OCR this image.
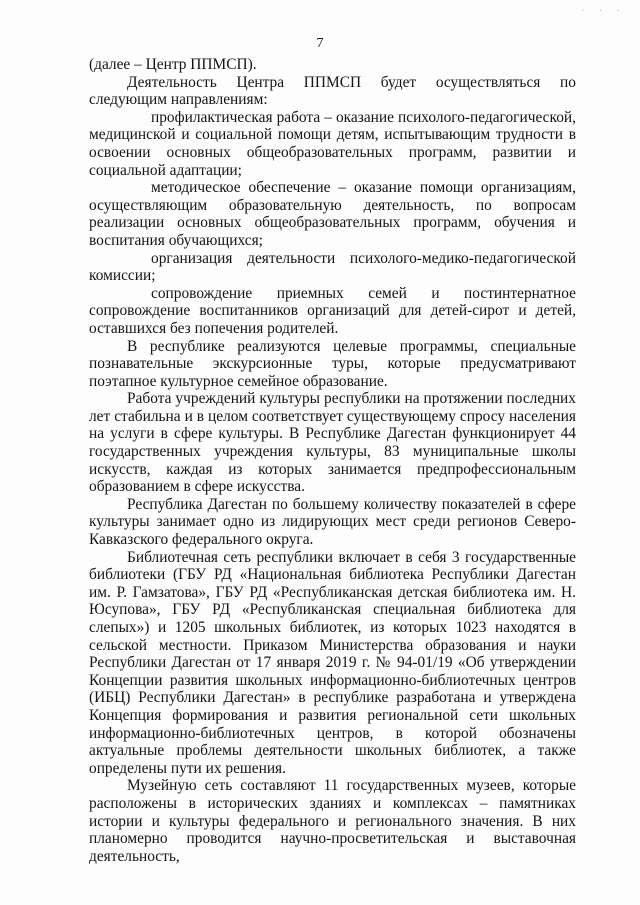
· · ·
7

(далее – Центр ППМСП).

Деятельность Центра ППМСП будет осуществляться по следующим направлениям:

профилактическая работа – оказание психолого-педагогической, медицинской и социальной помощи детям, испытывающим трудности в освоении основных общеобразовательных программ, развитии и социальной адаптации;

методическое обеспечение – оказание помощи организациям, осуществляющим образовательную деятельность, по вопросам реализации основных общеобразовательных программ, обучения и воспитания обучающихся;

организация деятельности психолого-медико-педагогической комиссии;

сопровождение приемных семей и постинтернатное сопровождение воспитанников организаций для детей-сирот и детей, оставшихся без попечения родителей.

В республике реализуются целевые программы, специальные познавательные экскурсионные туры, которые предусматривают поэтапное культурное семейное образование.

Работа учреждений культуры республики на протяжении последних лет стабильна и в целом соответствует существующему спросу населения на услуги в сфере культуры. В Республике Дагестан функционирует 44 государственных учреждения культуры, 83 муниципальные школы искусств, каждая из которых занимается предпрофессиональным образованием в сфере искусства.

Республика Дагестан по большему количеству показателей в сфере культуры занимает одно из лидирующих мест среди регионов Северо-Кавказского федерального округа.

Библиотечная сеть республики включает в себя 3 государственные библиотеки (ГБУ РД «Национальная библиотека Республики Дагестан им. Р. Гамзатова», ГБУ РД «Республиканская детская библиотека им. Н. Юсупова», ГБУ РД «Республиканская специальная библиотека для слепых») и 1205 школьных библиотек, из которых 1023 находятся в сельской местности. Приказом Министерства образования и науки Республики Дагестан от 17 января 2019 г. № 94-01/19 «Об утверждении Концепции развития школьных информационно-библиотечных центров (ИБЦ) Республики Дагестан» в республике разработана и утверждена Концепция формирования и развития региональной сети школьных информационно-библиотечных центров, в которой обозначены актуальные проблемы деятельности школьных библиотек, а также определены пути их решения.

Музейную сеть составляют 11 государственных музеев, которые расположены в исторических зданиях и комплексах – памятниках истории и культуры федерального и регионального значения. В них планомерно проводится научно-просветительская и выставочная деятельность,
